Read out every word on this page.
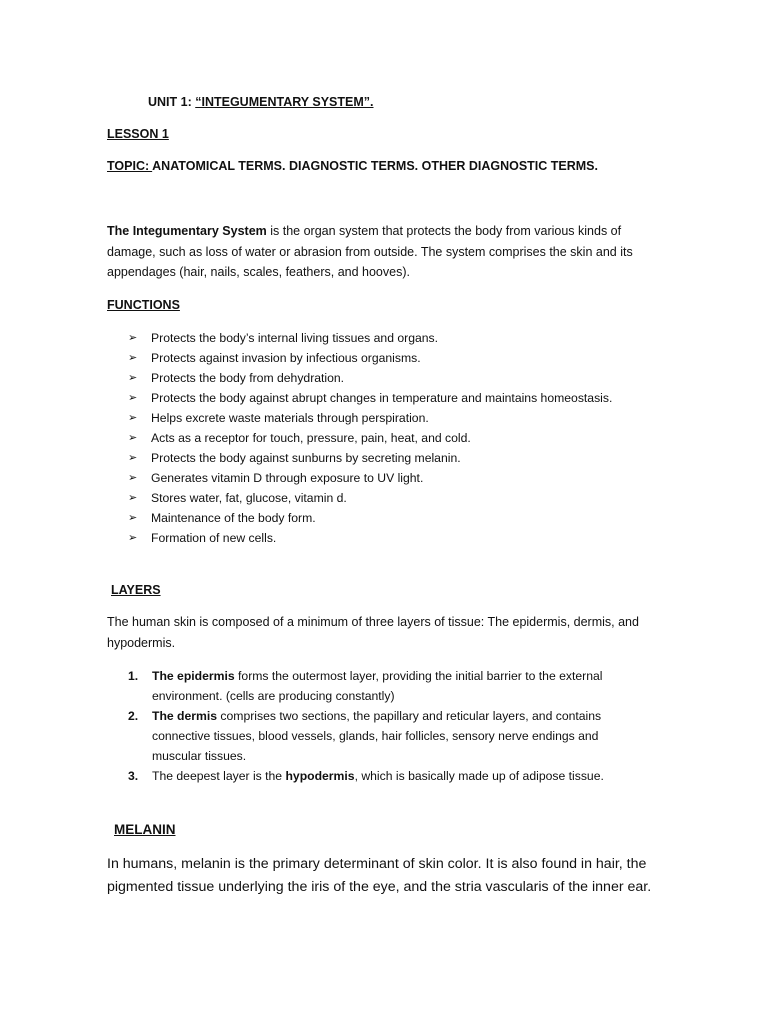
UNIT 1: “INTEGUMENTARY SYSTEM”.
LESSON 1
TOPIC: ANATOMICAL TERMS. DIAGNOSTIC TERMS. OTHER DIAGNOSTIC TERMS.
The Integumentary System is the organ system that protects the body from various kinds of damage, such as loss of water or abrasion from outside. The system comprises the skin and its appendages (hair, nails, scales, feathers, and hooves).
FUNCTIONS
➢ Protects the body’s internal living tissues and organs.
➢ Protects against invasion by infectious organisms.
➢ Protects the body from dehydration.
➢ Protects the body against abrupt changes in temperature and maintains homeostasis.
➢ Helps excrete waste materials through perspiration.
➢ Acts as a receptor for touch, pressure, pain, heat, and cold.
➢ Protects the body against sunburns by secreting melanin.
➢ Generates vitamin D through exposure to UV light.
➢ Stores water, fat, glucose, vitamin d.
➢ Maintenance of the body form.
➢ Formation of new cells.
LAYERS
The human skin is composed of a minimum of three layers of tissue: The epidermis, dermis, and hypodermis.
1. The epidermis forms the outermost layer, providing the initial barrier to the external environment. (cells are producing constantly)
2. The dermis comprises two sections, the papillary and reticular layers, and contains connective tissues, blood vessels, glands, hair follicles, sensory nerve endings and muscular tissues.
3. The deepest layer is the hypodermis, which is basically made up of adipose tissue.
MELANIN
In humans, melanin is the primary determinant of skin color. It is also found in hair, the pigmented tissue underlying the iris of the eye, and the stria vascularis of the inner ear.
